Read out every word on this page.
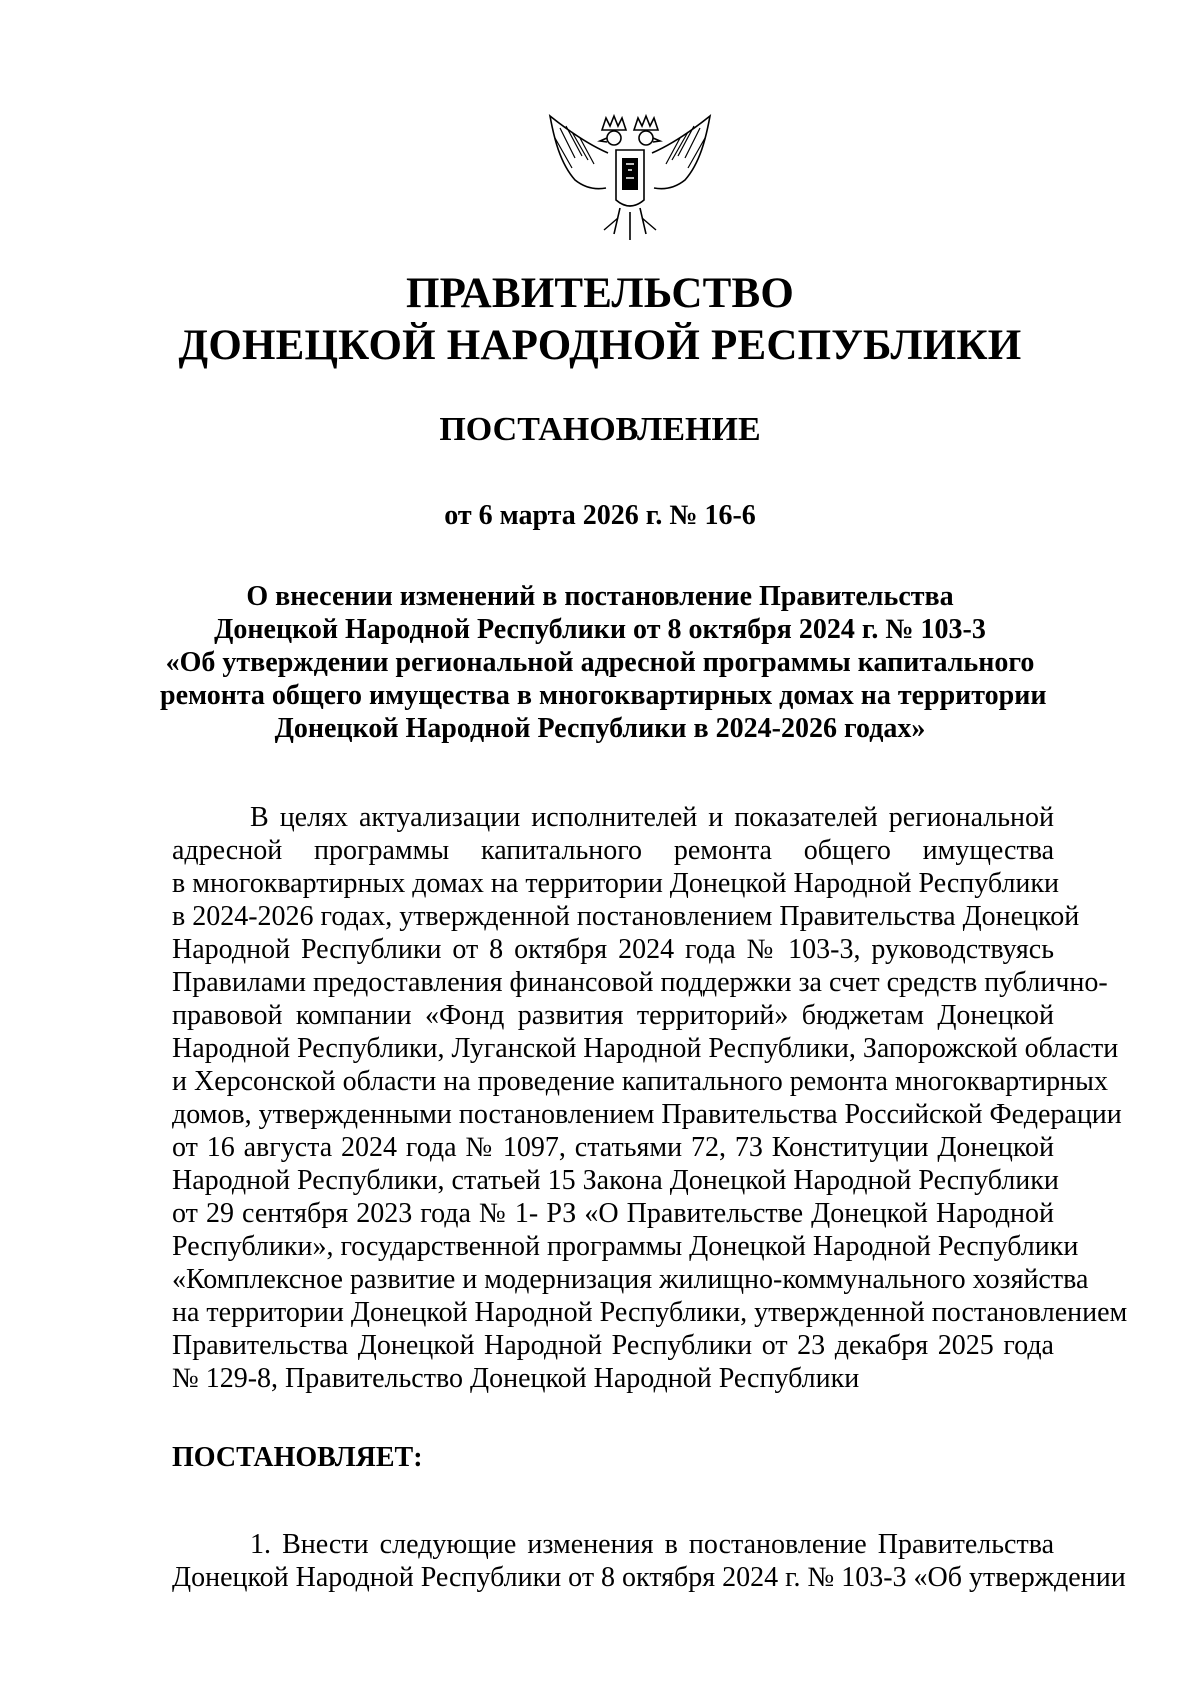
ПРАВИТЕЛЬСТВО
ДОНЕЦКОЙ НАРОДНОЙ РЕСПУБЛИКИ
ПОСТАНОВЛЕНИЕ
от 6 марта 2026 г. № 16-6
О внесении изменений в постановление Правительства
Донецкой Народной Республики от 8 октября 2024 г. № 103-3
«Об утверждении региональной адресной программы капитального
ремонта общего имущества в многоквартирных домах на территории
Донецкой Народной Республики в 2024-2026 годах»
В целях актуализации исполнителей и показателей региональной
адресной программы капитального ремонта общего имущества
в многоквартирных домах на территории Донецкой Народной Республики
в 2024-2026 годах, утвержденной постановлением Правительства Донецкой
Народной Республики от 8 октября 2024 года № 103-3, руководствуясь
Правилами предоставления финансовой поддержки за счет средств публично-
правовой компании «Фонд развития территорий» бюджетам Донецкой
Народной Республики, Луганской Народной Республики, Запорожской области
и Херсонской области на проведение капитального ремонта многоквартирных
домов, утвержденными постановлением Правительства Российской Федерации
от 16 августа 2024 года № 1097, статьями 72, 73 Конституции Донецкой
Народной Республики, статьей 15 Закона Донецкой Народной Республики
от 29 сентября 2023 года № 1- РЗ «О Правительстве Донецкой Народной
Республики», государственной программы Донецкой Народной Республики
«Комплексное развитие и модернизация жилищно-коммунального хозяйства
на территории Донецкой Народной Республики, утвержденной постановлением
Правительства Донецкой Народной Республики от 23 декабря 2025 года
№ 129-8, Правительство Донецкой Народной Республики
ПОСТАНОВЛЯЕТ:
1. Внести следующие изменения в постановление Правительства
Донецкой Народной Республики от 8 октября 2024 г. № 103-3 «Об утверждении
